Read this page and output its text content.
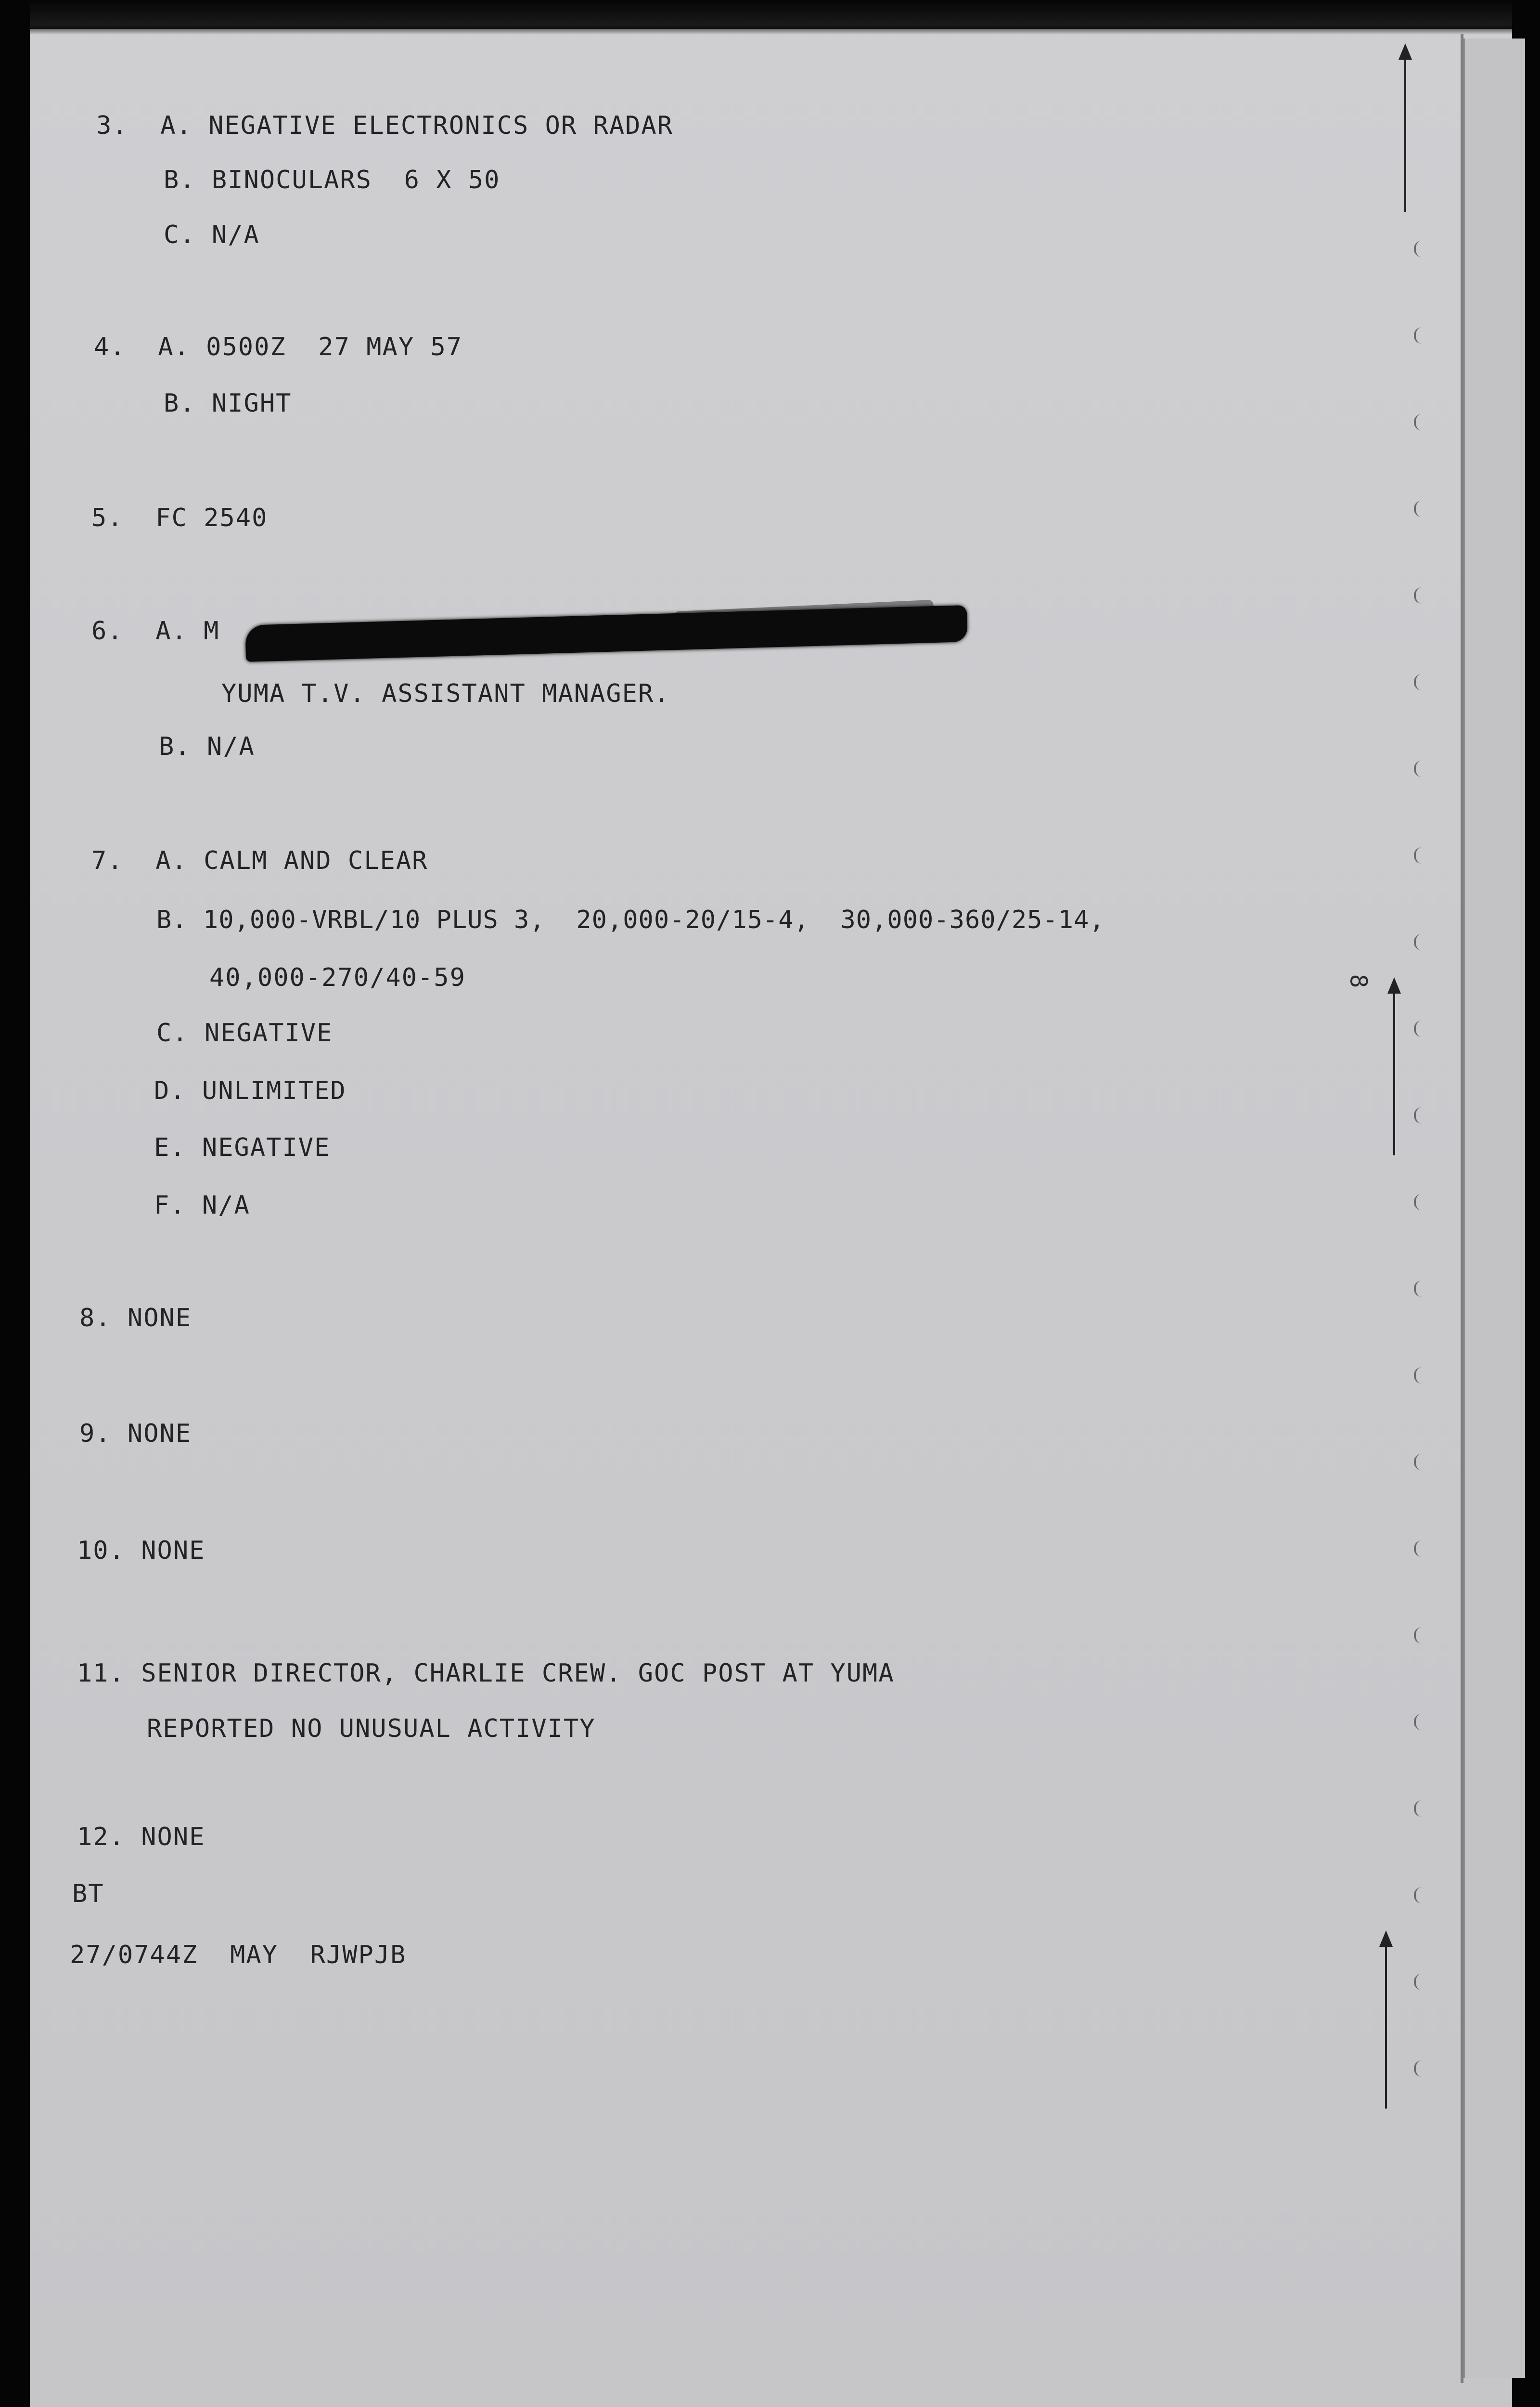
3.  A. NEGATIVE ELECTRONICS OR RADAR
B. BINOCULARS  6 X 50
C. N/A
4.  A. 0500Z  27 MAY 57
B. NIGHT
5.  FC 2540
6.  A. M
YUMA T.V. ASSISTANT MANAGER.
B. N/A
7.  A. CALM AND CLEAR
B. 10,000-VRBL/10 PLUS 3,  20,000-20/15-4,  30,000-360/25-14,
40,000-270/40-59
C. NEGATIVE
D. UNLIMITED
E. NEGATIVE
F. N/A
8. NONE
9. NONE
10. NONE
11. SENIOR DIRECTOR, CHARLIE CREW. GOC POST AT YUMA
REPORTED NO UNUSUAL ACTIVITY
12. NONE
BT
27/0744Z  MAY  RJWPJB
8
